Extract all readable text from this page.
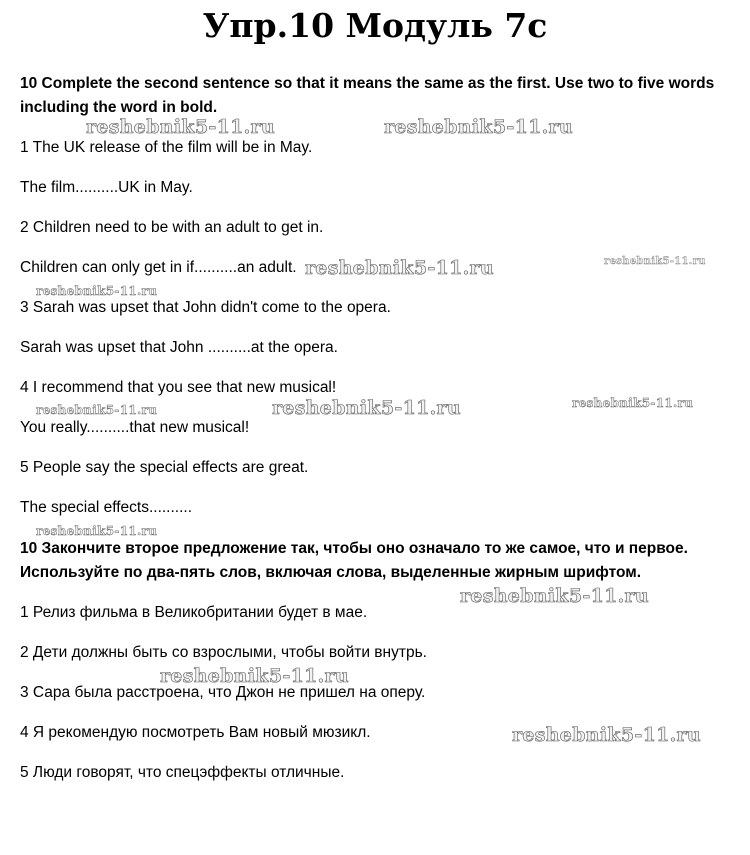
Упр.10 Модуль 7с
10 Complete the second sentence so that it means the same as the first. Use two to five words including the word in bold.
1 The UK release of the film will be in May.
The film..........UK in May.
2 Children need to be with an adult to get in.
Children can only get in if..........an adult.
3 Sarah was upset that John didn't come to the opera.
Sarah was upset that John ..........at the opera.
4 I recommend that you see that new musical!
You really..........that new musical!
5 People say the special effects are great.
The special effects..........
10 Закончите второе предложение так, чтобы оно означало то же самое, что и первое.
Используйте по два-пять слов, включая слова, выделенные жирным шрифтом.
1 Релиз фильма в Великобритании будет в мае.
2 Дети должны быть со взрослыми, чтобы войти внутрь.
3 Сара была расстроена, что Джон не пришел на оперу.
4 Я рекомендую посмотреть Вам новый мюзикл.
5 Люди говорят, что спецэффекты отличные.
reshebnik5-11.ru	reshebnik5-11.ru
reshebnik5-11.ru	reshebnik5-11.ru
reshebnik5-11.ru
reshebnik5-11.ru
reshebnik5-11.ru	reshebnik5-11.ru
reshebnik5-11.ru
reshebnik5-11.ru
reshebnik5-11.ru
reshebnik5-11.ru
